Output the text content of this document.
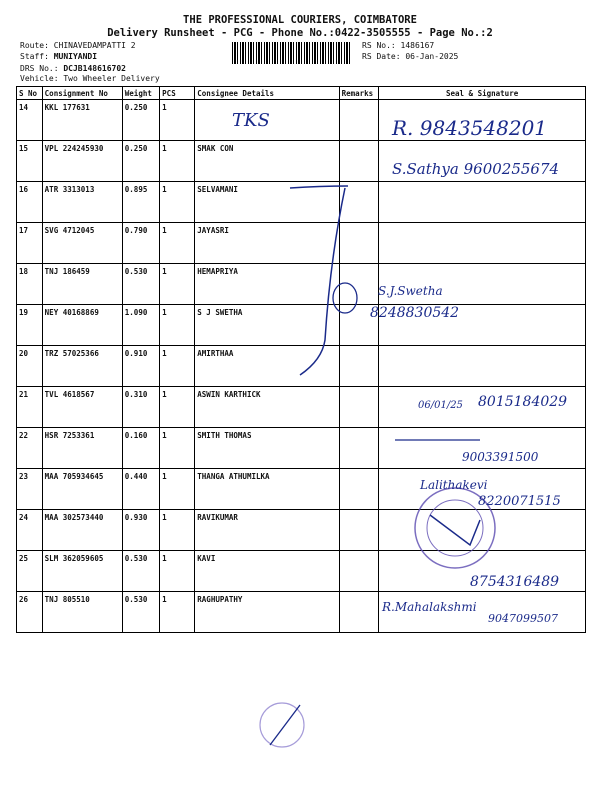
THE PROFESSIONAL COURIERS, COIMBATORE
Delivery Runsheet - PCG - Phone No.:0422-3505555 - Page No.:2
Route: CHINAVEDAMPATTI 2
Staff: MUNIYANDI
DRS No.: DCJB148616702
Vehicle: Two Wheeler Delivery
RS No.: 1486167
RS Date: 06-Jan-2025
S No	Consignment No	Weight	PCS	Consignee Details	Remarks	Seal & Signature
14	KKL 177631	0.250	1			
15	VPL 224245930	0.250	1	SMAK CON		
16	ATR 3313013	0.895	1	SELVAMANI		
17	SVG 4712045	0.790	1	JAYASRI		
18	TNJ 186459	0.530	1	HEMAPRIYA		
19	NEY 40168869	1.090	1	S J SWETHA		
20	TRZ 57025366	0.910	1	AMIRTHAA		
21	TVL 4618567	0.310	1	ASWIN KARTHICK		
22	HSR 7253361	0.160	1	SMITH THOMAS		
23	MAA 705934645	0.440	1	THANGA ATHUMILKA		
24	MAA 302573440	0.930	1	RAVIKUMAR		
25	SLM 362059605	0.530	1	KAVI		
26	TNJ 805510	0.530	1	RAGHUPATHY		
TKS	R. 9843548201
S.Sathya 9600255674
S.J.Swetha
8248830542
06/01/25 8015184029
9003391500
Lalithakevi
8220071515
8754316489
R.Mahalakshmi
9047099507
